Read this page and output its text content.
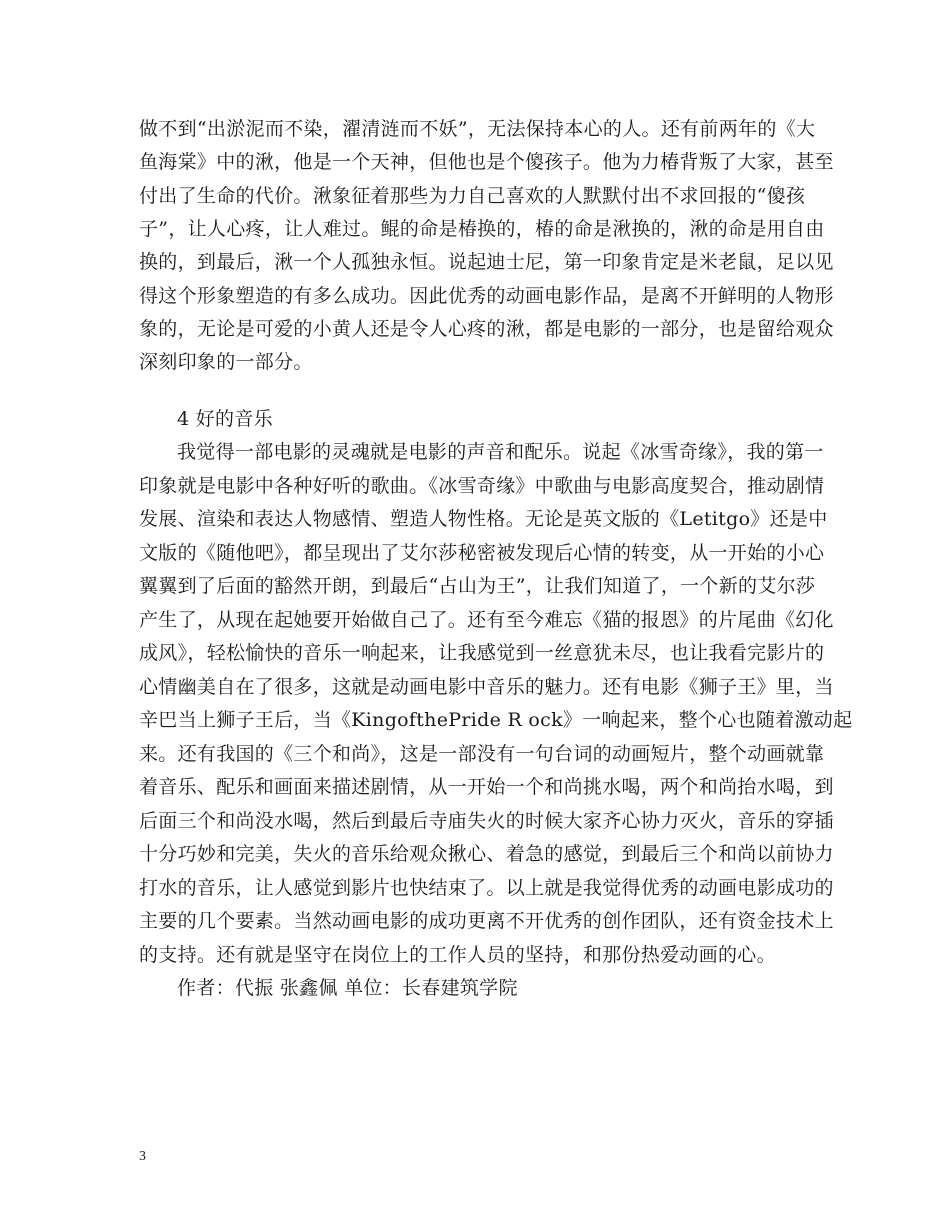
做不到“出淤泥而不染，濯清涟而不妖”，无法保持本心的人。还有前两年的《大
鱼海棠》中的湫，他是一个天神，但他也是个傻孩子。他为力椿背叛了大家，甚至
付出了生命的代价。湫象征着那些为力自己喜欢的人默默付出不求回报的“傻孩
子”，让人心疼，让人难过。鲲的命是椿换的，椿的命是湫换的，湫的命是用自由
换的，到最后，湫一个人孤独永恒。说起迪士尼，第一印象肯定是米老鼠，足以见
得这个形象塑造的有多么成功。因此优秀的动画电影作品，是离不开鲜明的人物形
象的，无论是可爱的小黄人还是令人心疼的湫，都是电影的一部分，也是留给观众
深刻印象的一部分。
4 好的音乐
我觉得一部电影的灵魂就是电影的声音和配乐。说起《冰雪奇缘》，我的第一
印象就是电影中各种好听的歌曲。《冰雪奇缘》中歌曲与电影高度契合，推动剧情
发展、渲染和表达人物感情、塑造人物性格。无论是英文版的《Letitgo》还是中
文版的《随他吧》，都呈现出了艾尔莎秘密被发现后心情的转变，从一开始的小心
翼翼到了后面的豁然开朗，到最后“占山为王”，让我们知道了，一个新的艾尔莎
产生了，从现在起她要开始做自己了。还有至今难忘《猫的报恩》的片尾曲《幻化
成风》，轻松愉快的音乐一响起来，让我感觉到一丝意犹未尽，也让我看完影片的
心情幽美自在了很多，这就是动画电影中音乐的魅力。还有电影《狮子王》里，当
辛巴当上狮子王后，当《KingofthePride R ock》一响起来，整个心也随着激动起
来。还有我国的《三个和尚》，这是一部没有一句台词的动画短片，整个动画就靠
着音乐、配乐和画面来描述剧情，从一开始一个和尚挑水喝，两个和尚抬水喝，到
后面三个和尚没水喝，然后到最后寺庙失火的时候大家齐心协力灭火，音乐的穿插
十分巧妙和完美，失火的音乐给观众揪心、着急的感觉，到最后三个和尚以前协力
打水的音乐，让人感觉到影片也快结束了。以上就是我觉得优秀的动画电影成功的
主要的几个要素。当然动画电影的成功更离不开优秀的创作团队，还有资金技术上
的支持。还有就是坚守在岗位上的工作人员的坚持，和那份热爱动画的心。
作者：代振 张鑫佩 单位：长春建筑学院
3
